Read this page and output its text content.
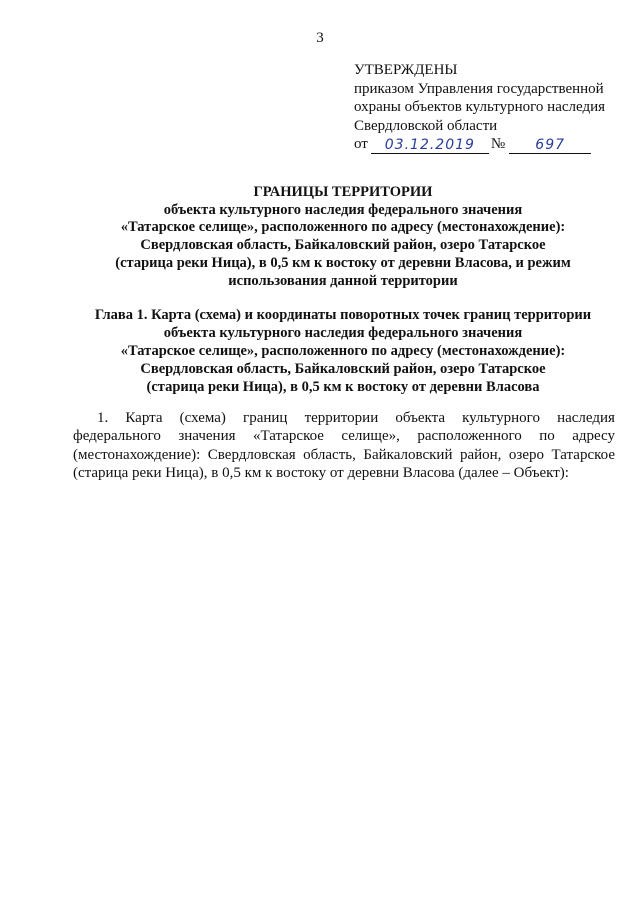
3
УТВЕРЖДЕНЫ
приказом Управления государственной
охраны объектов культурного наследия
Свердловской области
от	03.12.2019	№	697
ГРАНИЦЫ ТЕРРИТОРИИ
объекта культурного наследия федерального значения
«Татарское селище», расположенного по адресу (местонахождение):
Свердловская область, Байкаловский район, озеро Татарское
(старица реки Ница), в 0,5 км к востоку от деревни Власова, и режим
использования данной территории
Глава 1. Карта (схема) и координаты поворотных точек границ территории
объекта культурного наследия федерального значения
«Татарское селище», расположенного по адресу (местонахождение):
Свердловская область, Байкаловский район, озеро Татарское
(старица реки Ница), в 0,5 км к востоку от деревни Власова
1. Карта (схема) границ территории объекта культурного наследия
федерального значения «Татарское селище», расположенного по адресу
(местонахождение): Свердловская область, Байкаловский район, озеро Татарское
(старица реки Ница), в 0,5 км к востоку от деревни Власова (далее – Объект):
